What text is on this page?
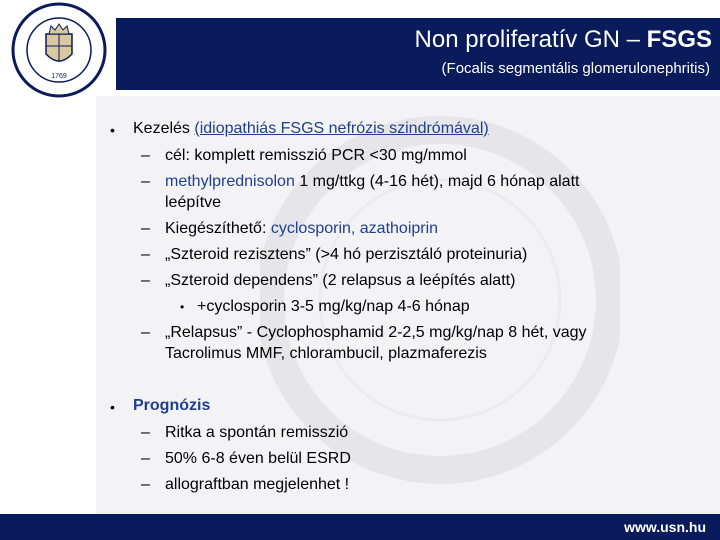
Non proliferatív GN – FSGS
(Focalis segmentális glomerulonephritis)
1769
• Kezelés (idiopathiás FSGS nefrózis szindrómával)
– cél: komplett remisszió PCR <30 mg/mmol
– methylprednisolon 1 mg/ttkg (4-16 hét), majd 6 hónap alatt
leépítve
– Kiegészíthető: cyclosporin, azathoiprin
– „Szteroid rezisztens” (>4 hó perzisztáló proteinuria)
– „Szteroid dependens” (2 relapsus a leépítés alatt)
• +cyclosporin 3-5 mg/kg/nap 4-6 hónap
– „Relapsus” - Cyclophosphamid 2-2,5 mg/kg/nap 8 hét, vagy
Tacrolimus MMF, chlorambucil, plazmaferezis
• Prognózis
– Ritka a spontán remisszió
– 50% 6-8 éven belül ESRD
– allograftban megjelenhet !
www.usn.hu
